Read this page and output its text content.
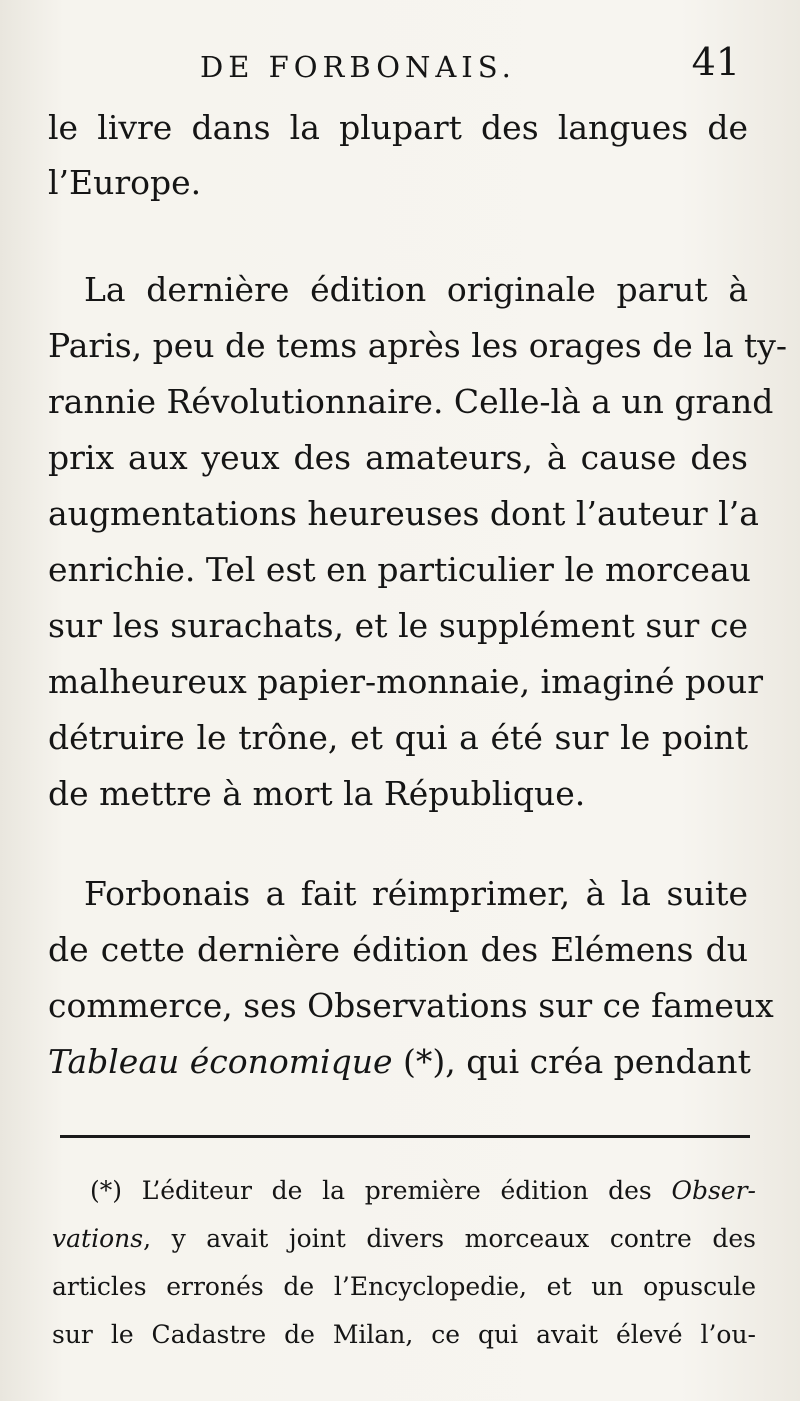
DE FORBONAIS.	41
le livre dans la plupart des langues de
l’Europe.
La dernière édition originale parut à
Paris, peu de tems après les orages de la ty-
rannie Révolutionnaire. Celle-là a un grand
prix aux yeux des amateurs, à cause des
augmentations heureuses dont l’auteur l’a
enrichie. Tel est en particulier le morceau
sur les surachats, et le supplément sur ce
malheureux papier-monnaie, imaginé pour
détruire le trône, et qui a été sur le point
de mettre à mort la République.
Forbonais a fait réimprimer, à la suite
de cette dernière édition des Elémens du
commerce, ses Observations sur ce fameux
Tableau économique (*), qui créa pendant
(*) L’éditeur de la première édition des Obser-
vations, y avait joint divers morceaux contre des
articles erronés de l’Encyclopedie, et un opuscule
sur le Cadastre de Milan, ce qui avait élevé l’ou-
